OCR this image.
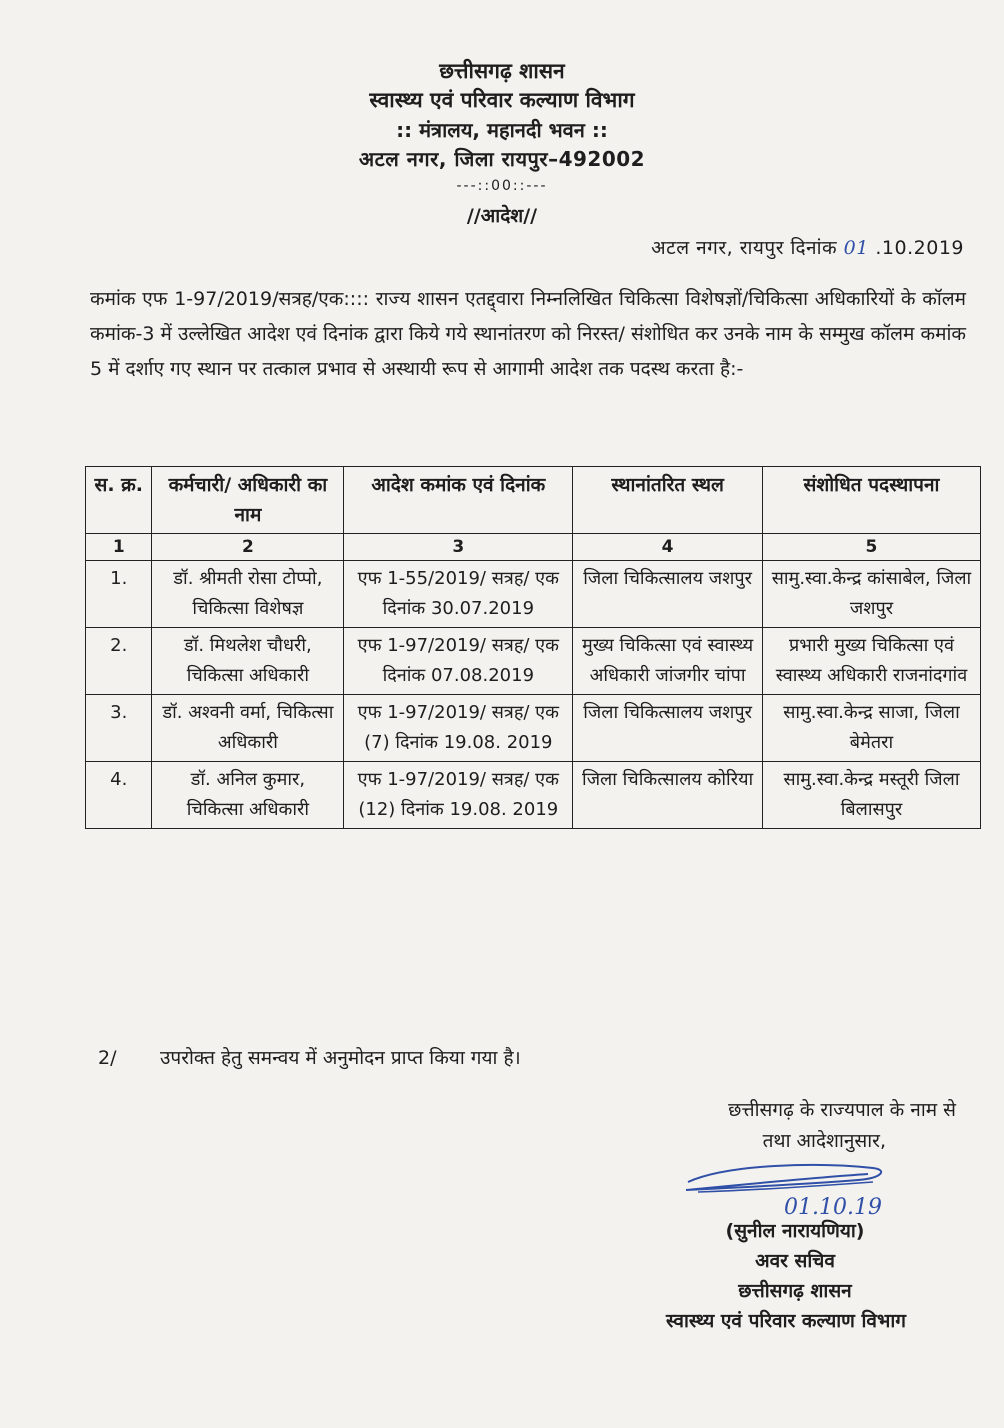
छत्तीसगढ़ शासन
स्वास्थ्य एवं परिवार कल्याण विभाग
:: मंत्रालय, महानदी भवन ::
अटल नगर, जिला रायपुर–492002
---::00::---
//आदेश//
अटल नगर, रायपुर दिनांक 01 .10.2019
कमांक एफ 1-97/2019/सत्रह/एक:::: राज्य शासन एतद्द्वारा निम्नलिखित चिकित्सा विशेषज्ञों/चिकित्सा अधिकारियों के कॉलम कमांक-3 में उल्लेखित आदेश एवं दिनांक द्वारा किये गये स्थानांतरण को निरस्त/ संशोधित कर उनके नाम के सम्मुख कॉलम कमांक 5 में दर्शाए गए स्थान पर तत्काल प्रभाव से अस्थायी रूप से आगामी आदेश तक पदस्थ करता है:-
स. क्र.	कर्मचारी/ अधिकारी का नाम	आदेश कमांक एवं दिनांक	स्थानांतरित स्थल	संशोधित पदस्थापना
1	2	3	4	5
1.	डॉ. श्रीमती रोसा टोप्पो, चिकित्सा विशेषज्ञ	एफ 1-55/2019/ सत्रह/ एक दिनांक 30.07.2019	जिला चिकित्सालय जशपुर	सामु.स्वा.केन्द्र कांसाबेल, जिला जशपुर
2.	डॉ. मिथलेश चौधरी, चिकित्सा अधिकारी	एफ 1-97/2019/ सत्रह/ एक दिनांक 07.08.2019	मुख्य चिकित्सा एवं स्वास्थ्य अधिकारी जांजगीर चांपा	प्रभारी मुख्य चिकित्सा एवं स्वास्थ्य अधिकारी राजनांदगांव
3.	डॉ. अश्वनी वर्मा, चिकित्सा अधिकारी	एफ 1-97/2019/ सत्रह/ एक (7) दिनांक 19.08. 2019	जिला चिकित्सालय जशपुर	सामु.स्वा.केन्द्र साजा, जिला बेमेतरा
4.	डॉ. अनिल कुमार, चिकित्सा अधिकारी	एफ 1-97/2019/ सत्रह/ एक (12) दिनांक 19.08. 2019	जिला चिकित्सालय कोरिया	सामु.स्वा.केन्द्र मस्तूरी जिला बिलासपुर
2/ उपरोक्त हेतु समन्वय में अनुमोदन प्राप्त किया गया है।
छत्तीसगढ़ के राज्यपाल के नाम से
तथा आदेशानुसार,
01.10.19
(सुनील नारायणिया)
अवर सचिव
छत्तीसगढ़ शासन
स्वास्थ्य एवं परिवार कल्याण विभाग
